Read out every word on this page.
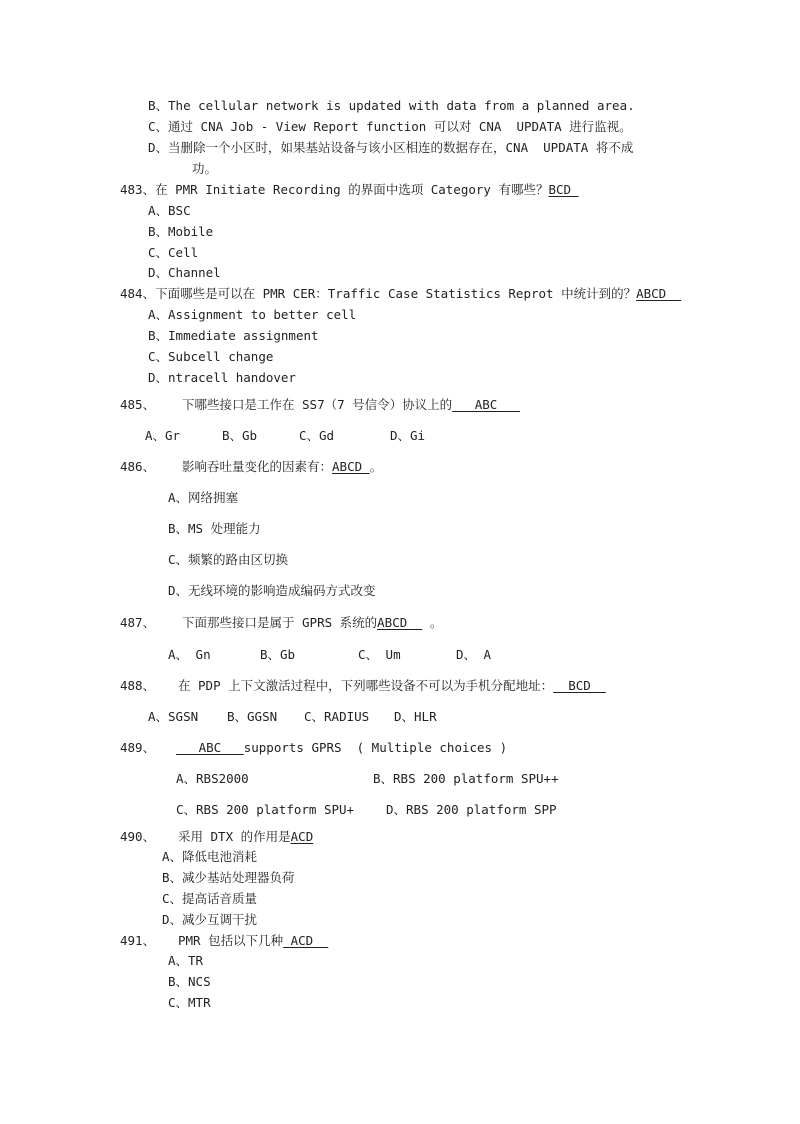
B、The cellular network is updated with data from a planned area.
C、通过 CNA Job - View Report function 可以对 CNA  UPDATA 进行监视。
D、当删除一个小区时，如果基站设备与该小区相连的数据存在，CNA  UPDATA 将不成
功。
483、在 PMR Initiate Recording 的界面中选项 Category 有哪些？BCD
A、BSC
B、Mobile
C、Cell
D、Channel
484、下面哪些是可以在 PMR CER：Traffic Case Statistics Reprot 中统计到的？ABCD
A、Assignment to better cell
B、Immediate assignment
C、Subcell change
D、ntracell handover
485、 下哪些接口是工作在 SS7（7 号信令）协议上的   ABC
A、Gr	B、Gb	C、Gd	D、Gi
486、 影响吞吐量变化的因素有：ABCD 。
A、网络拥塞
B、MS 处理能力
C、频繁的路由区切换
D、无线环境的影响造成编码方式改变
487、 下面那些接口是属于 GPRS 系统的ABCD   。
A、 Gn	B、Gb	C、 Um	D、 A
488、 在 PDP 上下文激活过程中，下列哪些设备不可以为手机分配地址：  BCD
A、SGSN B、GGSN C、RADIUS D、HLR
489、 ABC   supports GPRS  ( Multiple choices )
A、RBS2000	B、RBS 200 platform SPU++
C、RBS 200 platform SPU+	D、RBS 200 platform SPP
490、 采用 DTX 的作用是ACD
A、降低电池消耗
B、减少基站处理器负荷
C、提高话音质量
D、减少互调干扰
491、 PMR 包括以下几种 ACD
A、TR
B、NCS
C、MTR
